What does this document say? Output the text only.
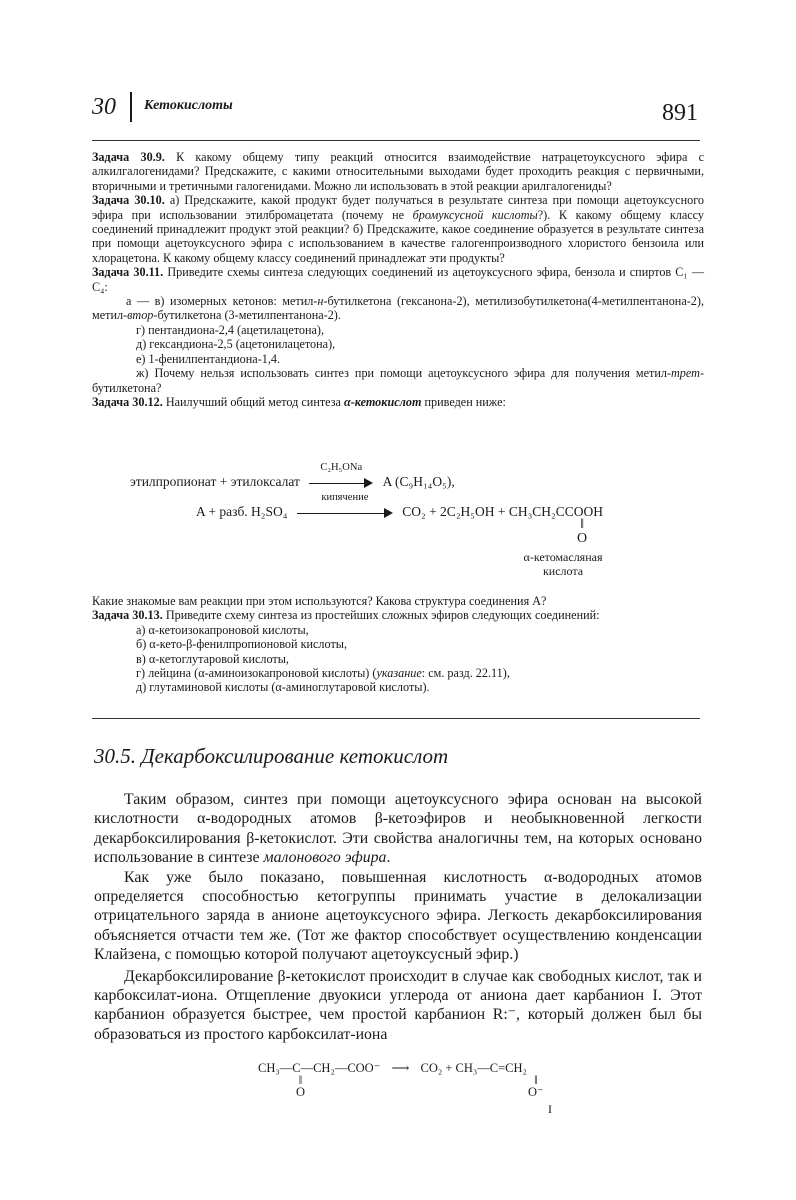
30 Кетокислоты	891

Задача 30.9. К какому общему типу реакций относится взаимодействие натрацетоуксусного эфира с алкилгалогенидами? Предскажите, с какими относительными выходами будет проходить реакция с первичными, вторичными и третичными галогенидами. Можно ли использовать в этой реакции арилгалогениды?

Задача 30.10. а) Предскажите, какой продукт будет получаться в результате синтеза при помощи ацетоуксусного эфира при использовании этилбромацетата (почему не бромуксусной кислоты?). К какому общему классу соединений принадлежит продукт этой реакции? б) Предскажите, какое соединение образуется в результате синтеза при помощи ацетоуксусного эфира с использованием в качестве галогенпроизводного хлористого бензоила или хлорацетона. К какому общему классу соединений принадлежат эти продукты?

Задача 30.11. Приведите схемы синтеза следующих соединений из ацетоуксусного эфира, бензола и спиртов C₁ — C₄:

а — в) изомерных кетонов: метил-н-бутилкетона (гексанона-2), метилизобутилкетона(4-метилпентанона-2), метил-втор-бутилкетона (3-метилпентанона-2).

г) пентандиона-2,4 (ацетилацетона),

д) гександиона-2,5 (ацетонилацетона),

е) 1-фенилпентандиона-1,4.

ж) Почему нельзя использовать синтез при помощи ацетоуксусного эфира для получения метил-трет-бутилкетона?

Задача 30.12. Наилучший общий метод синтеза α-кетокислот приведен ниже:

этилпропионат + этилоксалат
C₂H₅ONa
A (C₉H₁₄O₅),
A + разб. H₂SO₄
кипячение
CO₂ + 2C₂H₅OH + CH₃CH₂CCOOH
‖
O
α-кетомасляная
кислота

Какие знакомые вам реакции при этом используются? Какова структура соединения A?

Задача 30.13. Приведите схему синтеза из простейших сложных эфиров следующих соединений:

а) α-кетоизокапроновой кислоты,

б) α-кето-β-фенилпропионовой кислоты,

в) α-кетоглутаровой кислоты,

г) лейцина (α-аминоизокапроновой кислоты) (указание: см. разд. 22.11),

д) глутаминовой кислоты (α-аминоглутаровой кислоты).

30.5. Декарбоксилирование кетокислот

Таким образом, синтез при помощи ацетоуксусного эфира основан на высокой кислотности α-водородных атомов β-кетоэфиров и необыкновенной легкости декарбоксилирования β-кетокислот. Эти свойства аналогичны тем, на которых основано использование в синтезе малонового эфира.

Как уже было показано, повышенная кислотность α-водородных атомов определяется способностью кетогруппы принимать участие в делокализации отрицательного заряда в анионе ацетоуксусного эфира. Легкость декарбоксилирования объясняется отчасти тем же. (Тот же фактор способствует осуществлению конденсации Клайзена, с помощью которой получают ацетоуксусный эфир.)

Декарбоксилирование β-кетокислот происходит в случае как свободных кислот, так и карбоксилат-иона. Отщепление двуокиси углерода от аниона дает карбанион I. Этот карбанион образуется быстрее, чем простой карбанион R:⁻, который должен был бы образоваться из простого карбоксилат-иона

CH₃—C—CH₂—COO⁻ ⟶ CO₂ + CH₃—C=CH₂
‖
O
‖
O⁻
I
